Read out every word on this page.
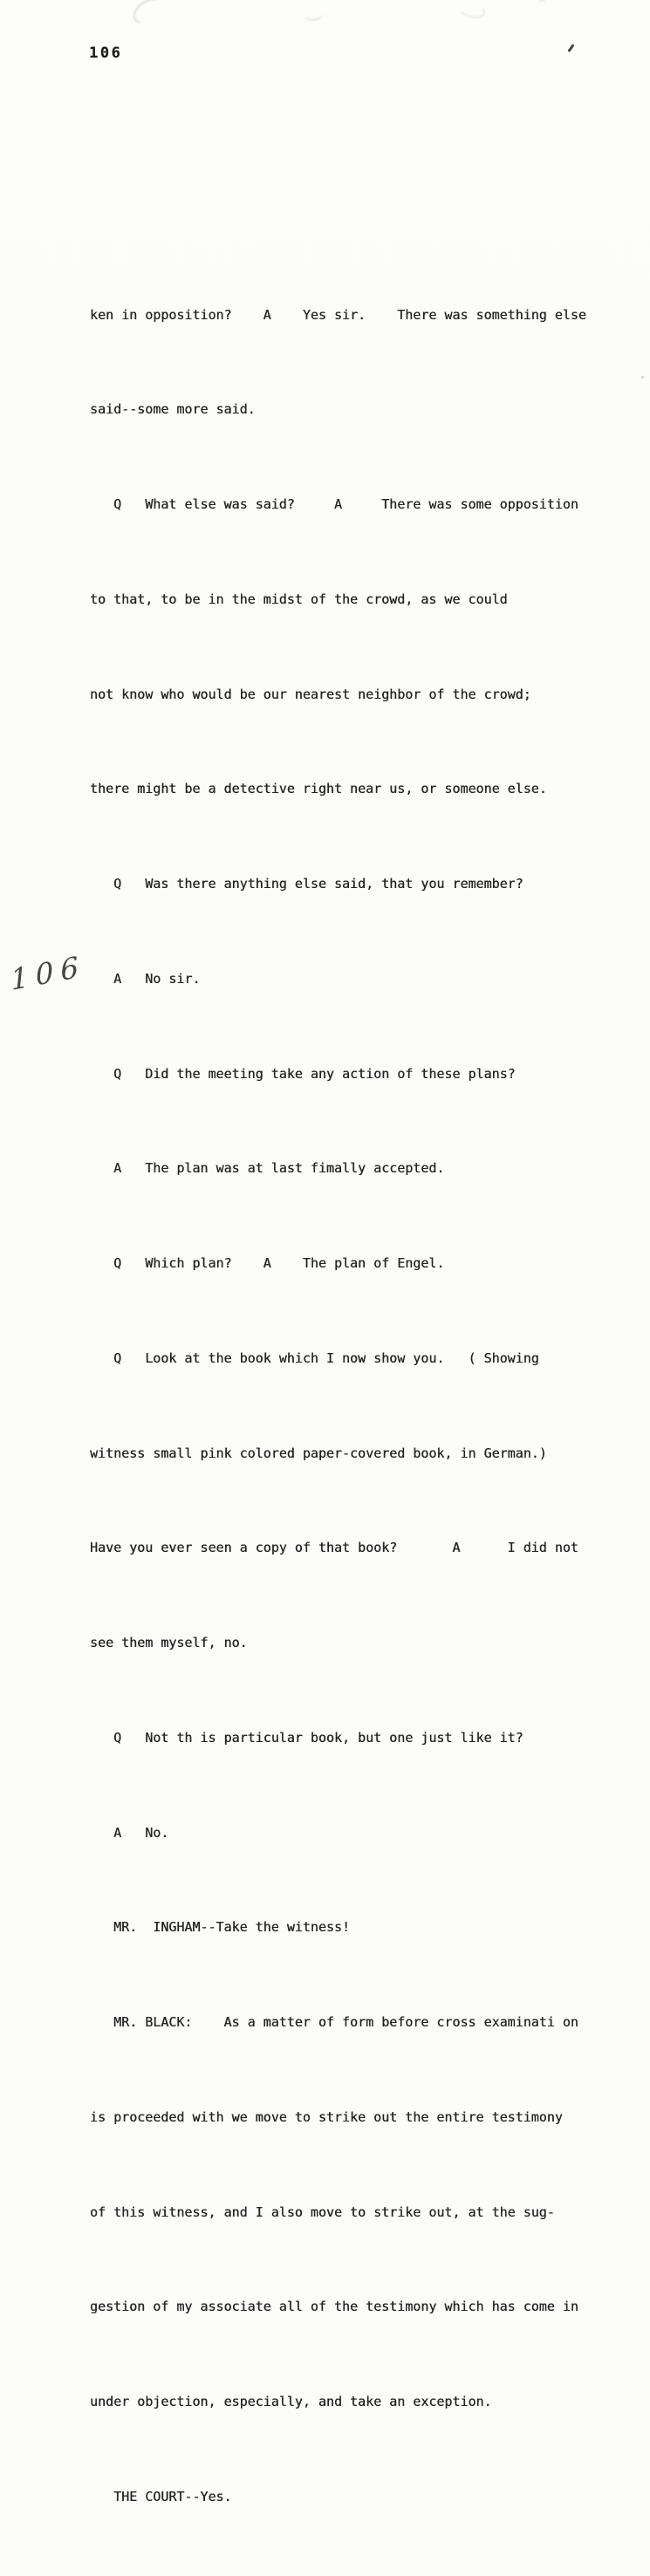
106

ken in opposition?    A    Yes sir.    There was something else

said--some more said.

Q   What else was said?     A     There was some opposition

to that, to be in the midst of the crowd, as we could

not know who would be our nearest neighbor of the crowd;

there might be a detective right near us, or someone else.

Q   Was there anything else said, that you remember?

A   No sir.

Q   Did the meeting take any action of these plans?

A   The plan was at last fimally accepted.

Q   Which plan?    A    The plan of Engel.

Q   Look at the book which I now show you.   ( Showing

witness small pink colored paper-covered book, in German.)

Have you ever seen a copy of that book?       A      I did not

see them myself, no.

Q   Not th is particular book, but one just like it?

A   No.

MR.  INGHAM--Take the witness!

MR. BLACK:    As a matter of form before cross examinati on

is proceeded with we move to strike out the entire testimony

of this witness, and I also move to strike out, at the sug-

gestion of my associate all of the testimony which has come in

under objection, especially, and take an exception.

THE COURT--Yes.

106
